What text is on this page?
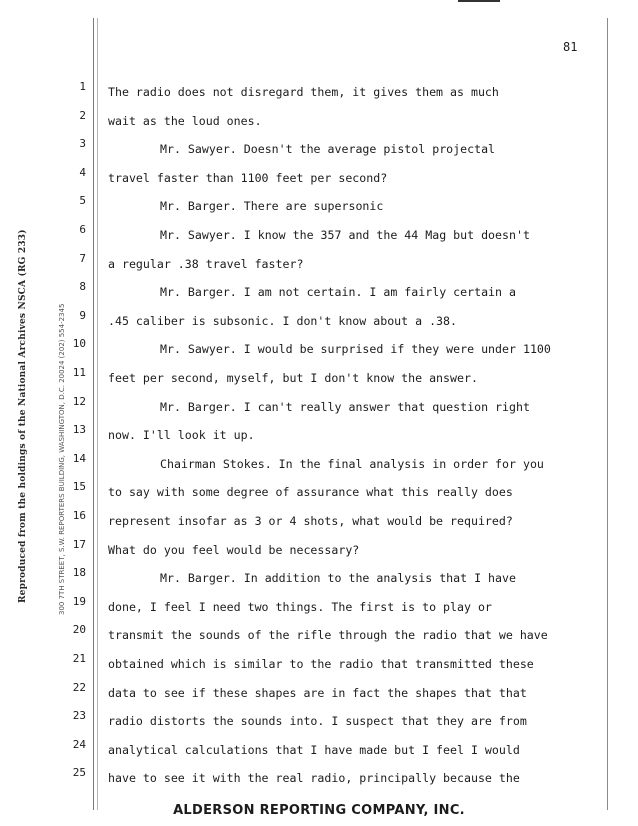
81
Reproduced from the holdings of the National Archives NSCA (RG 233)	300 7TH STREET, S.W. REPORTERS BUILDING, WASHINGTON, D.C. 20024 (202) 554-2345
1
2
3
4
5
6
7
8
9
10
11
12
13
14
15
16
17
18
19
20
21
22
23
24
25
The radio does not disregard them, it gives them as much
wait as the loud ones.
Mr. Sawyer. Doesn't the average pistol projectal
travel faster than 1100 feet per second?
Mr. Barger. There are supersonic
Mr. Sawyer. I know the 357 and the 44 Mag but doesn't
a regular .38 travel faster?
Mr. Barger. I am not certain. I am fairly certain a
.45 caliber is subsonic. I don't know about a .38.
Mr. Sawyer. I would be surprised if they were under 1100
feet per second, myself, but I don't know the answer.
Mr. Barger. I can't really answer that question right
now. I'll look it up.
Chairman Stokes. In the final analysis in order for you
to say with some degree of assurance what this really does
represent insofar as 3 or 4 shots, what would be required?
What do you feel would be necessary?
Mr. Barger. In addition to the analysis that I have
done, I feel I need two things. The first is to play or
transmit the sounds of the rifle through the radio that we have
obtained which is similar to the radio that transmitted these
data to see if these shapes are in fact the shapes that that
radio distorts the sounds into. I suspect that they are from
analytical calculations that I have made but I feel I would
have to see it with the real radio, principally because the
ALDERSON REPORTING COMPANY, INC.
